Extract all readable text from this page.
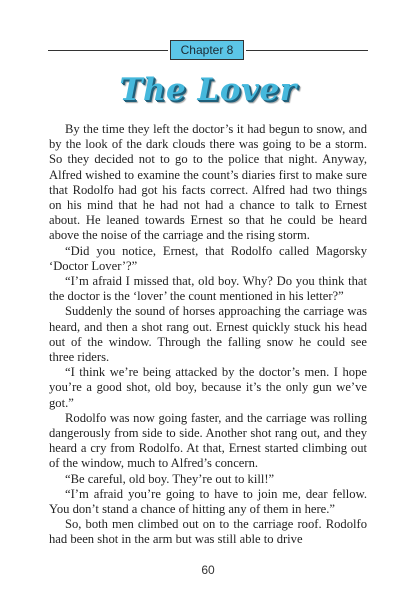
Chapter 8
The Lover

By the time they left the doctor’s it had begun to snow, and by the look of the dark clouds there was going to be a storm. So they decided not to go to the police that night. Anyway, Alfred wished to examine the count’s diaries first to make sure that Rodolfo had got his facts correct. Alfred had two things on his mind that he had not had a chance to talk to Ernest about. He leaned towards Ernest so that he could be heard above the noise of the carriage and the rising storm.

“Did you notice, Ernest, that Rodolfo called Magorsky ‘Doctor Lover’?”

“I’m afraid I missed that, old boy. Why? Do you think that the doctor is the ‘lover’ the count mentioned in his letter?”

Suddenly the sound of horses approaching the carriage was heard, and then a shot rang out. Ernest quickly stuck his head out of the window. Through the falling snow he could see three riders.

“I think we’re being attacked by the doctor’s men. I hope you’re a good shot, old boy, because it’s the only gun we’ve got.”

Rodolfo was now going faster, and the carriage was rolling dangerously from side to side. Another shot rang out, and they heard a cry from Rodolfo. At that, Ernest started climbing out of the window, much to Alfred’s concern.

“Be careful, old boy. They’re out to kill!”

“I’m afraid you’re going to have to join me, dear fellow. You don’t stand a chance of hitting any of them in here.”

So, both men climbed out on to the carriage roof. Rodolfo had been shot in the arm but was still able to drive

60
